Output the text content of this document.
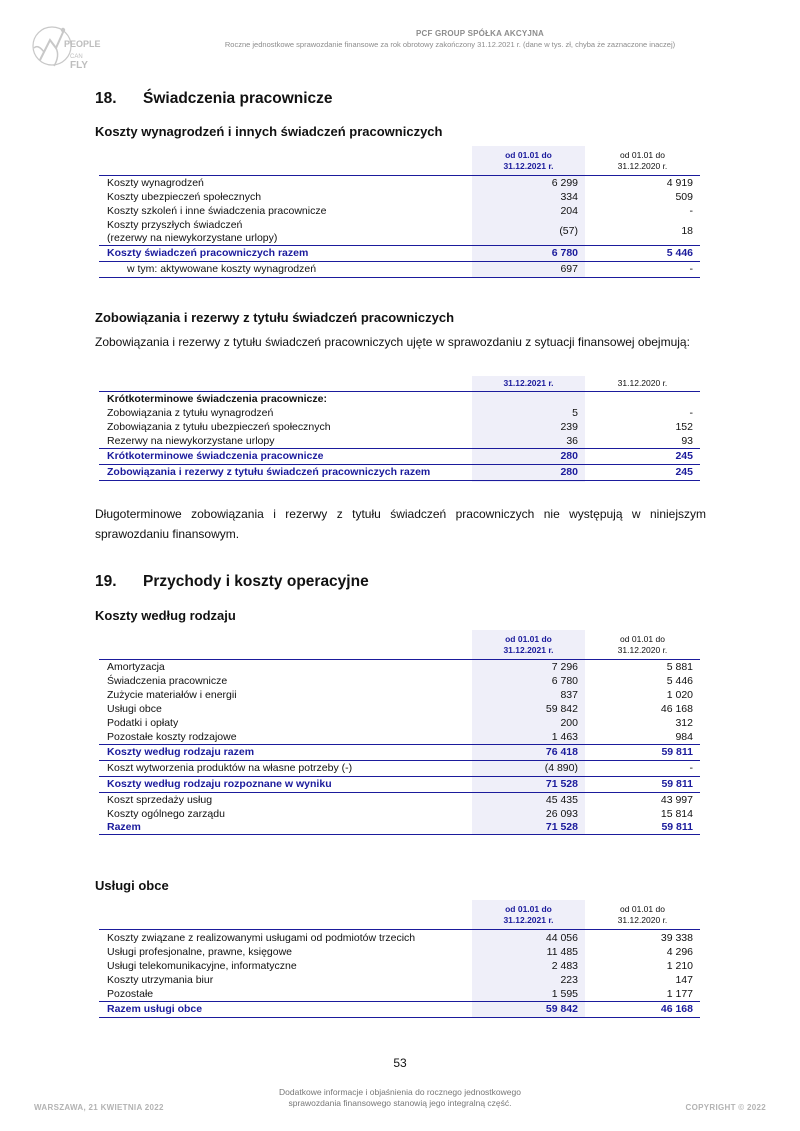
PEOPLE
CAN
FLY
PCF GROUP SPÓŁKA AKCYJNA
Roczne jednostkowe sprawozdanie finansowe za rok obrotowy zakończony 31.12.2021 r. (dane w tys. zł, chyba że zaznaczone inaczej)
18. Świadczenia pracownicze
Koszty wynagrodzeń i innych świadczeń pracowniczych
od 01.01 do
31.12.2021 r.
od 01.01 do
31.12.2020 r.
Koszty wynagrodzeń	6 299	4 919
Koszty ubezpieczeń społecznych	334	509
Koszty szkoleń i inne świadczenia pracownicze	204	-
Koszty przyszłych świadczeń
(rezerwy na niewykorzystane urlopy)
(57)	18
Koszty świadczeń pracowniczych razem	6 780	5 446
w tym: aktywowane koszty wynagrodzeń	697	-
Zobowiązania i rezerwy z tytułu świadczeń pracowniczych
Zobowiązania i rezerwy z tytułu świadczeń pracowniczych ujęte w sprawozdaniu z sytuacji finansowej obejmują:
31.12.2021 r.	31.12.2020 r.
Krótkoterminowe świadczenia pracownicze:
Zobowiązania z tytułu wynagrodzeń	5	-
Zobowiązania z tytułu ubezpieczeń społecznych	239	152
Rezerwy na niewykorzystane urlopy	36	93
Krótkoterminowe świadczenia pracownicze	280	245
Zobowiązania i rezerwy z tytułu świadczeń pracowniczych razem	280	245
Długoterminowe zobowiązania i rezerwy z tytułu świadczeń pracowniczych nie występują w niniejszym sprawozdaniu finansowym.
19. Przychody i koszty operacyjne
Koszty według rodzaju
od 01.01 do
31.12.2021 r.
od 01.01 do
31.12.2020 r.
Amortyzacja	7 296	5 881
Świadczenia pracownicze	6 780	5 446
Zużycie materiałów i energii	837	1 020
Usługi obce	59 842	46 168
Podatki i opłaty	200	312
Pozostałe koszty rodzajowe	1 463	984
Koszty według rodzaju razem	76 418	59 811
Koszt wytworzenia produktów na własne potrzeby (-)	(4 890)	-
Koszty według rodzaju rozpoznane w wyniku	71 528	59 811
Koszt sprzedaży usług	45 435	43 997
Koszty ogólnego zarządu	26 093	15 814
Razem	71 528	59 811
Usługi obce
od 01.01 do
31.12.2021 r.
od 01.01 do
31.12.2020 r.
Koszty związane z realizowanymi usługami od podmiotów trzecich	44 056	39 338
Usługi profesjonalne, prawne, księgowe	11 485	4 296
Usługi telekomunikacyjne, informatyczne	2 483	1 210
Koszty utrzymania biur	223	147
Pozostałe	1 595	1 177
Razem usługi obce	59 842	46 168
53
WARSZAWA, 21 KWIETNIA 2022
Dodatkowe informacje i objaśnienia do rocznego jednostkowego
sprawozdania finansowego stanowią jego integralną część.	COPYRIGHT © 2022
